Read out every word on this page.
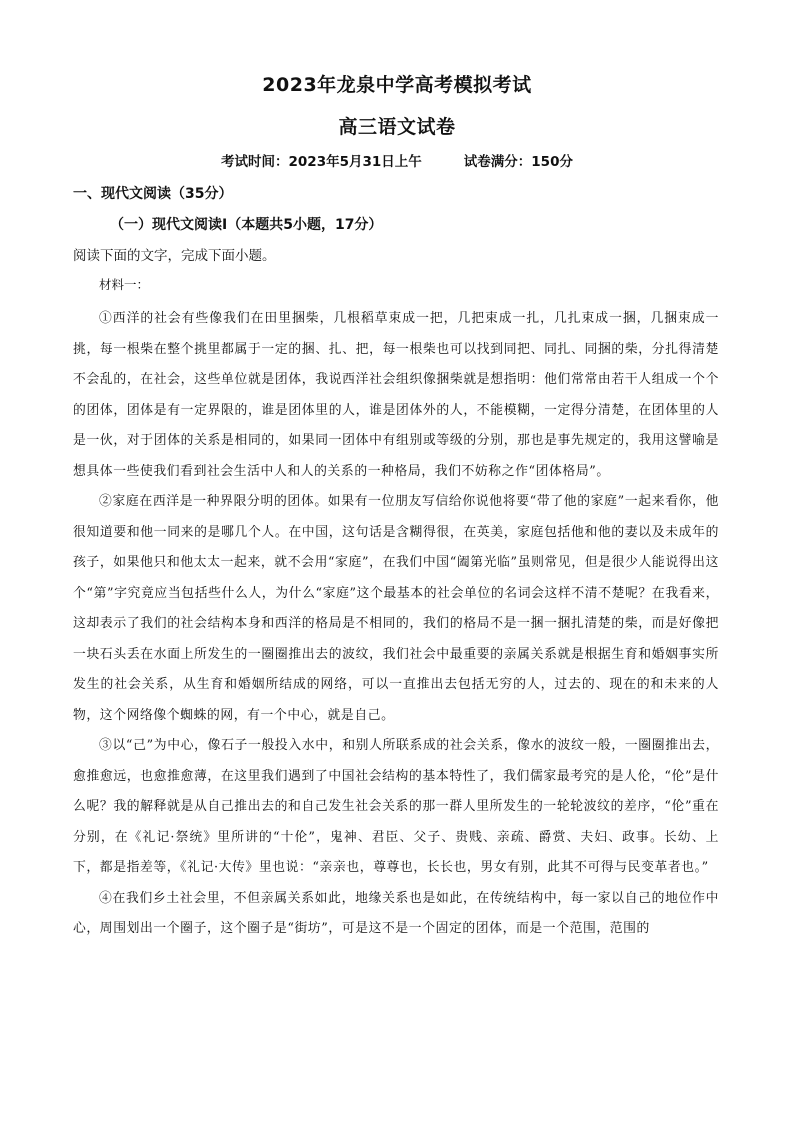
2023年龙泉中学高考模拟考试
高三语文试卷
考试时间：2023年5月31日上午	试卷满分：150分
一、现代文阅读（35分）
（一）现代文阅读Ⅰ（本题共5小题，17分）
阅读下面的文字，完成下面小题。
材料一：

①西洋的社会有些像我们在田里捆柴，几根稻草束成一把，几把束成一扎，几扎束成一捆，几捆束成一挑，每一根柴在整个挑里都属于一定的捆、扎、把，每一根柴也可以找到同把、同扎、同捆的柴，分扎得清楚不会乱的，在社会，这些单位就是团体，我说西洋社会组织像捆柴就是想指明：他们常常由若干人组成一个个的团体，团体是有一定界限的，谁是团体里的人，谁是团体外的人，不能模糊，一定得分清楚，在团体里的人是一伙，对于团体的关系是相同的，如果同一团体中有组别或等级的分别，那也是事先规定的，我用这譬喻是想具体一些使我们看到社会生活中人和人的关系的一种格局，我们不妨称之作“团体格局”。

②家庭在西洋是一种界限分明的团体。如果有一位朋友写信给你说他将要“带了他的家庭”一起来看你，他很知道要和他一同来的是哪几个人。在中国，这句话是含糊得很，在英美，家庭包括他和他的妻以及未成年的孩子，如果他只和他太太一起来，就不会用“家庭”，在我们中国“阖第光临”虽则常见，但是很少人能说得出这个“第”字究竟应当包括些什么人，为什么“家庭”这个最基本的社会单位的名词会这样不清不楚呢？在我看来，这却表示了我们的社会结构本身和西洋的格局是不相同的，我们的格局不是一捆一捆扎清楚的柴，而是好像把一块石头丢在水面上所发生的一圈圈推出去的波纹，我们社会中最重要的亲属关系就是根据生育和婚姻事实所发生的社会关系，从生育和婚姻所结成的网络，可以一直推出去包括无穷的人，过去的、现在的和未来的人物，这个网络像个蜘蛛的网，有一个中心，就是自己。

③以“己”为中心，像石子一般投入水中，和别人所联系成的社会关系，像水的波纹一般，一圈圈推出去，愈推愈远，也愈推愈薄，在这里我们遇到了中国社会结构的基本特性了，我们儒家最考究的是人伦，“伦”是什么呢？我的解释就是从自己推出去的和自己发生社会关系的那一群人里所发生的一轮轮波纹的差序，“伦”重在分别，在《礼记·祭统》里所讲的“十伦”，鬼神、君臣、父子、贵贱、亲疏、爵赏、夫妇、政事。长幼、上下，都是指差等，《礼记·大传》里也说：“亲亲也，尊尊也，长长也，男女有别，此其不可得与民变革者也。”

④在我们乡土社会里，不但亲属关系如此，地缘关系也是如此，在传统结构中，每一家以自己的地位作中心，周围划出一个圈子，这个圈子是“街坊”，可是这不是一个固定的团体，而是一个范围，范围的
